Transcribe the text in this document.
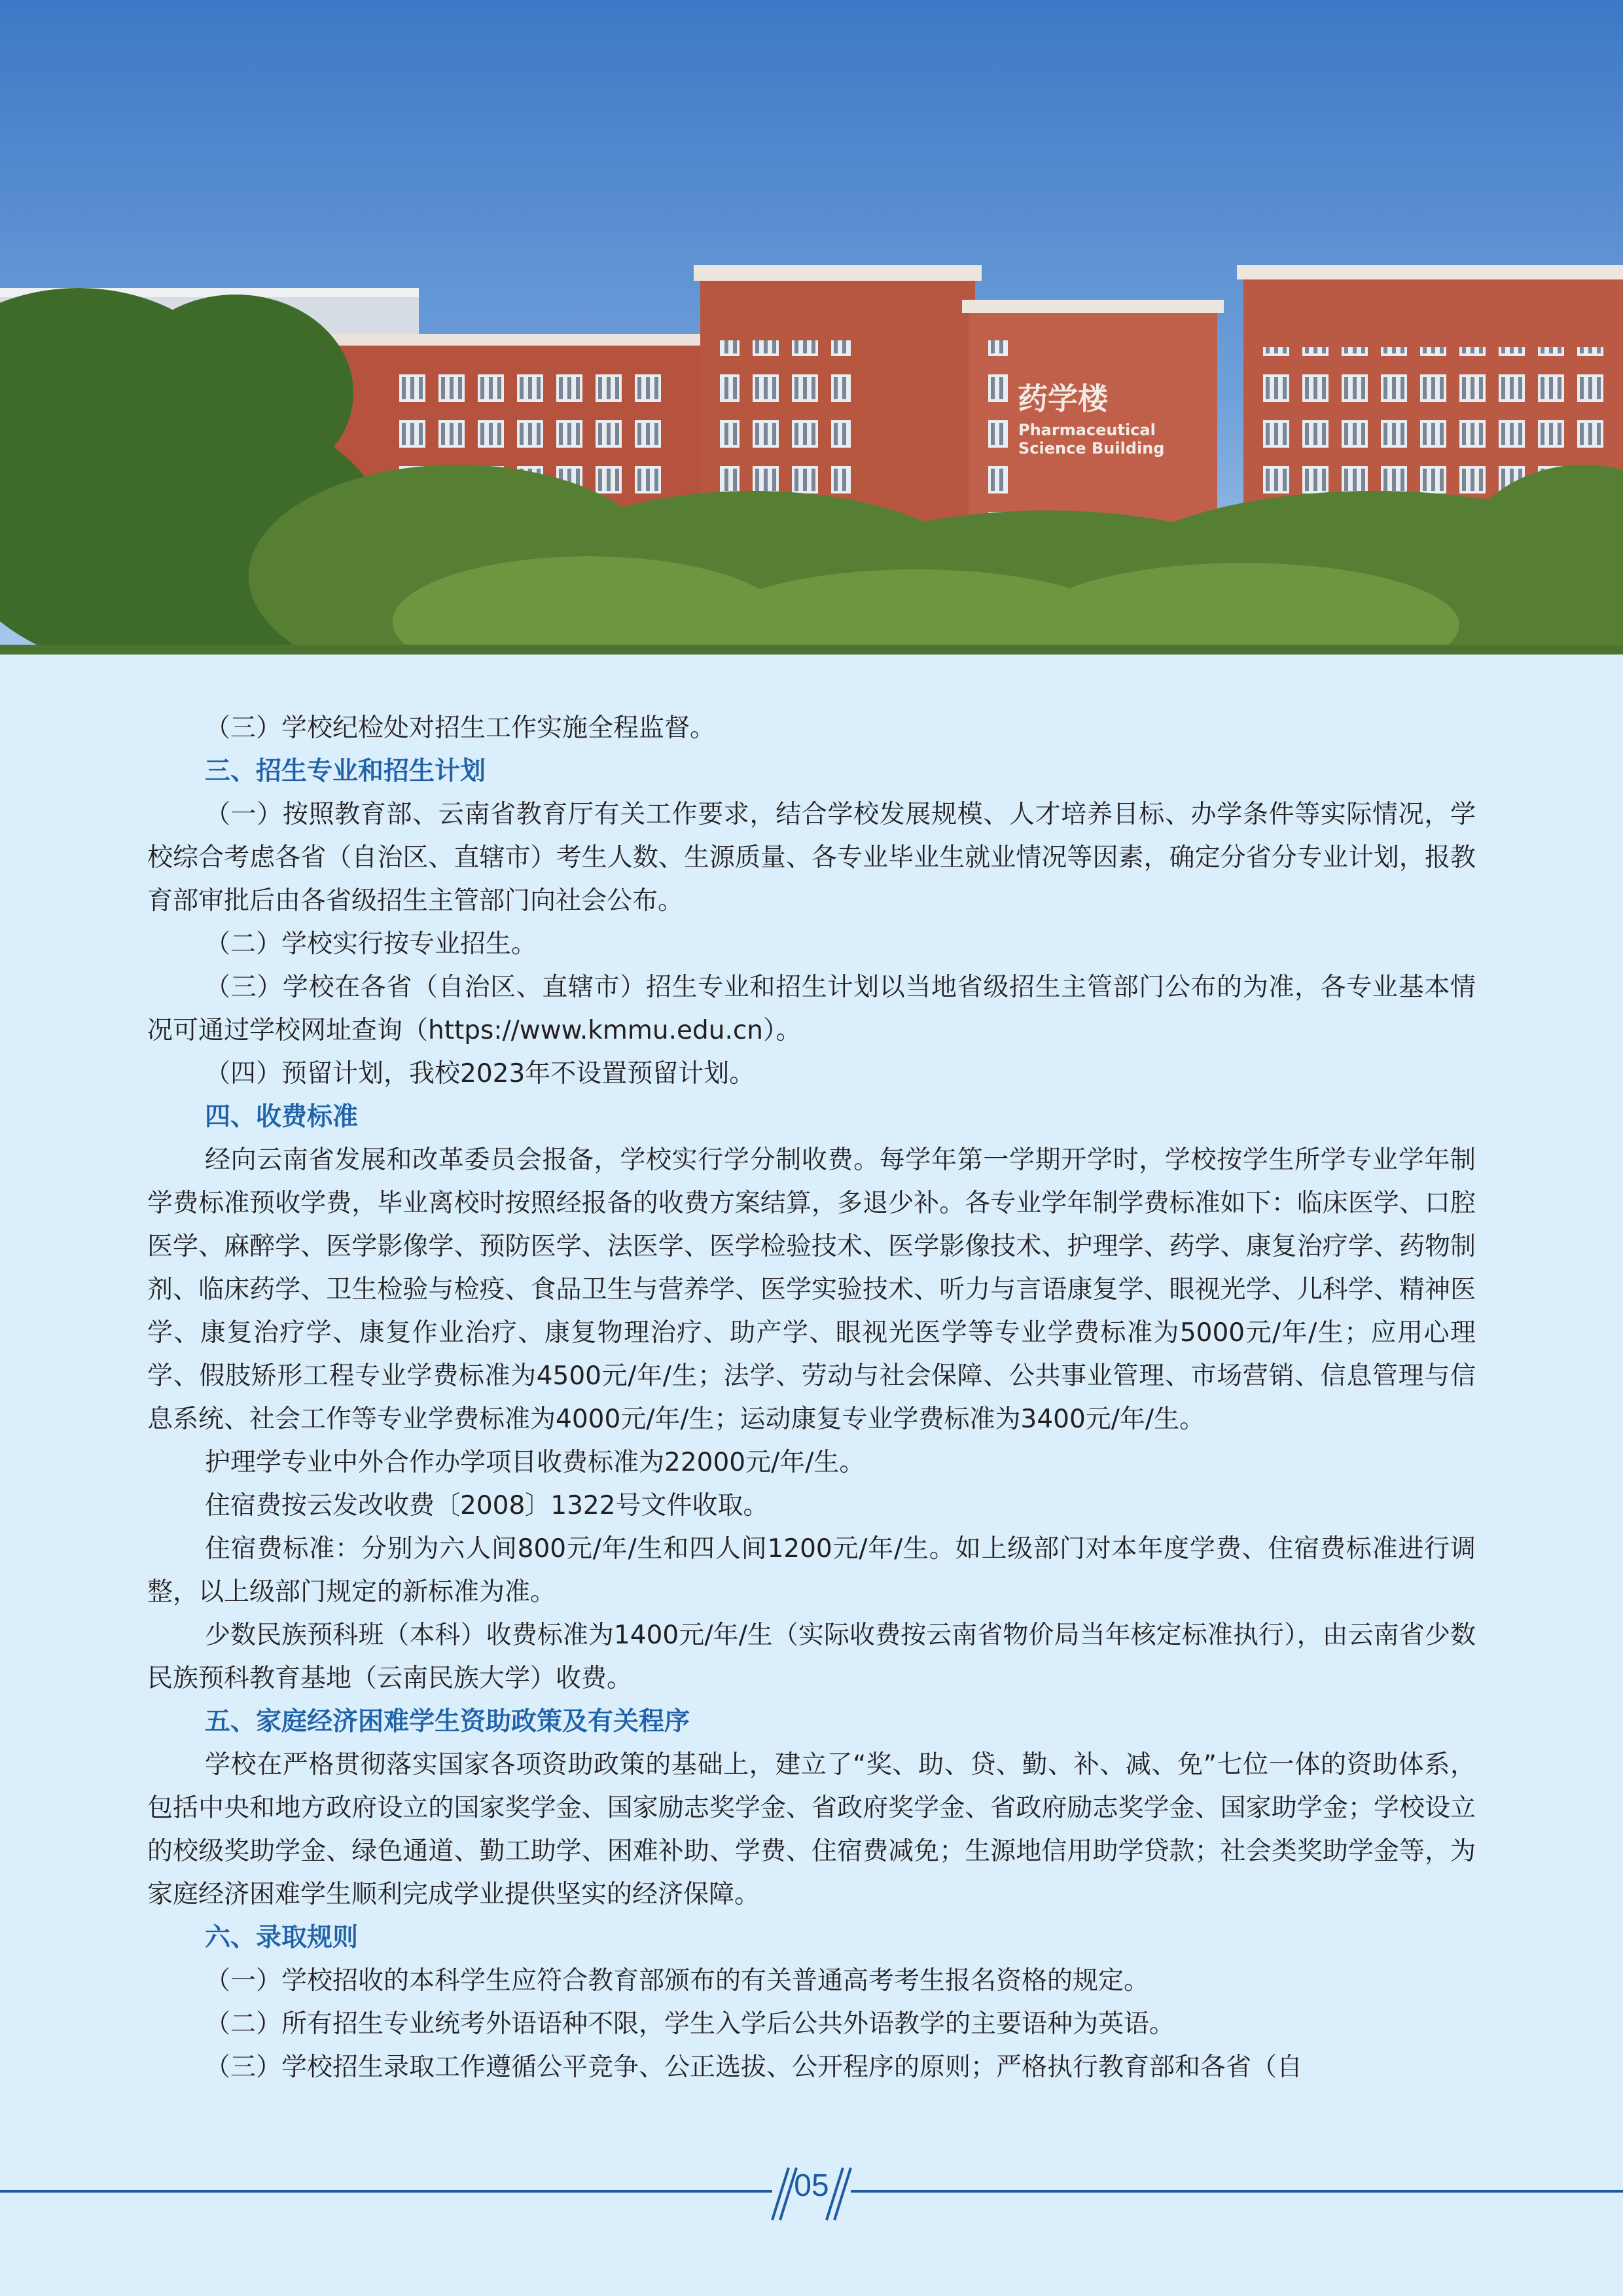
药学楼
Pharmaceutical
Science Building

（三）学校纪检处对招生工作实施全程监督。

三、招生专业和招生计划

（一）按照教育部、云南省教育厅有关工作要求，结合学校发展规模、人才培养目标、办学条件等实际情况，学校综合考虑各省（自治区、直辖市）考生人数、生源质量、各专业毕业生就业情况等因素，确定分省分专业计划，报教育部审批后由各省级招生主管部门向社会公布。

（二）学校实行按专业招生。

（三）学校在各省（自治区、直辖市）招生专业和招生计划以当地省级招生主管部门公布的为准，各专业基本情况可通过学校网址查询（https://www.kmmu.edu.cn）。

（四）预留计划，我校2023年不设置预留计划。

四、收费标准

经向云南省发展和改革委员会报备，学校实行学分制收费。每学年第一学期开学时，学校按学生所学专业学年制学费标准预收学费，毕业离校时按照经报备的收费方案结算，多退少补。各专业学年制学费标准如下：临床医学、口腔医学、麻醉学、医学影像学、预防医学、法医学、医学检验技术、医学影像技术、护理学、药学、康复治疗学、药物制剂、临床药学、卫生检验与检疫、食品卫生与营养学、医学实验技术、听力与言语康复学、眼视光学、儿科学、精神医学、康复治疗学、康复作业治疗、康复物理治疗、助产学、眼视光医学等专业学费标准为5000元/年/生；应用心理学、假肢矫形工程专业学费标准为4500元/年/生；法学、劳动与社会保障、公共事业管理、市场营销、信息管理与信息系统、社会工作等专业学费标准为4000元/年/生；运动康复专业学费标准为3400元/年/生。

护理学专业中外合作办学项目收费标准为22000元/年/生。

住宿费按云发改收费〔2008〕1322号文件收取。

住宿费标准：分别为六人间800元/年/生和四人间1200元/年/生。如上级部门对本年度学费、住宿费标准进行调整，以上级部门规定的新标准为准。

少数民族预科班（本科）收费标准为1400元/年/生（实际收费按云南省物价局当年核定标准执行），由云南省少数民族预科教育基地（云南民族大学）收费。

五、家庭经济困难学生资助政策及有关程序

学校在严格贯彻落实国家各项资助政策的基础上，建立了“奖、助、贷、勤、补、减、免”七位一体的资助体系，包括中央和地方政府设立的国家奖学金、国家励志奖学金、省政府奖学金、省政府励志奖学金、国家助学金；学校设立的校级奖助学金、绿色通道、勤工助学、困难补助、学费、住宿费减免；生源地信用助学贷款；社会类奖助学金等，为家庭经济困难学生顺利完成学业提供坚实的经济保障。

六、录取规则

（一）学校招收的本科学生应符合教育部颁布的有关普通高考考生报名资格的规定。

（二）所有招生专业统考外语语种不限，学生入学后公共外语教学的主要语种为英语。

（三）学校招生录取工作遵循公平竞争、公正选拔、公开程序的原则；严格执行教育部和各省（自

05
